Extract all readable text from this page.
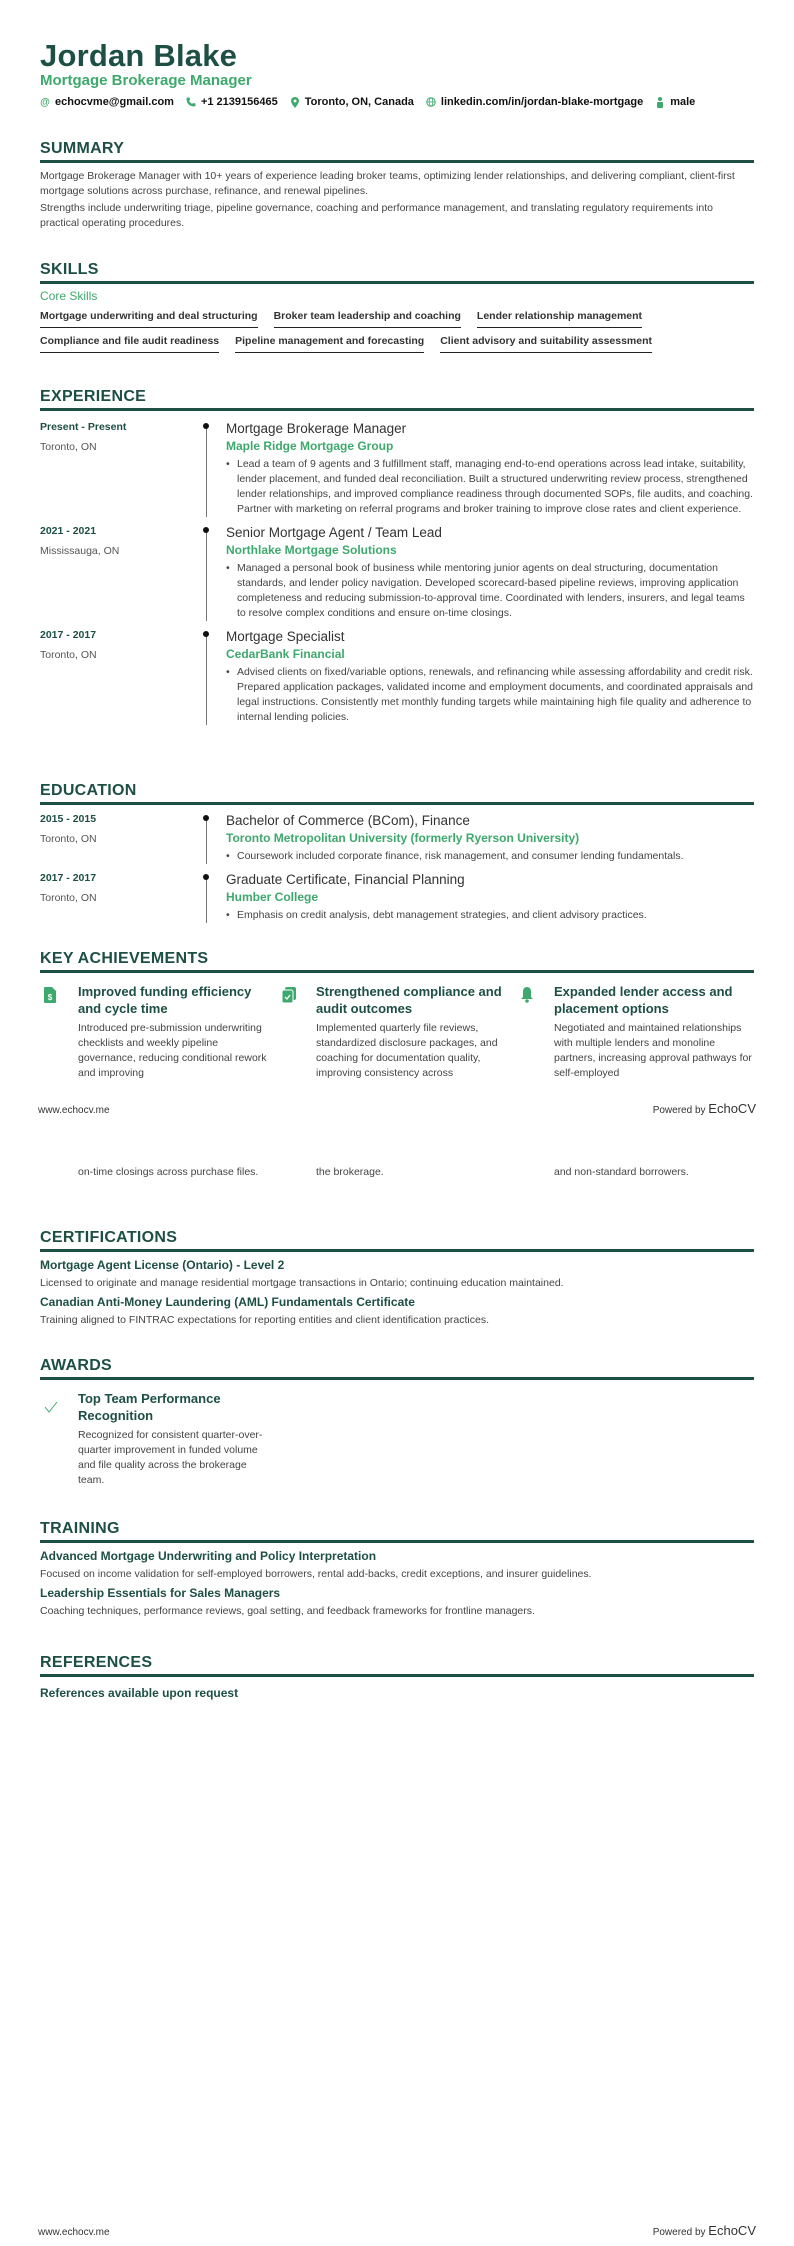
Jordan Blake
Mortgage Brokerage Manager
@ echocvme@gmail.com +1 2139156465 Toronto, ON, Canada linkedin.com/in/jordan-blake-mortgage male
SUMMARY
Mortgage Brokerage Manager with 10+ years of experience leading broker teams, optimizing lender relationships, and delivering compliant, client-first mortgage solutions across purchase, refinance, and renewal pipelines.
Strengths include underwriting triage, pipeline governance, coaching and performance management, and translating regulatory requirements into practical operating procedures.
SKILLS
Core Skills
Mortgage underwriting and deal structuring Broker team leadership and coaching Lender relationship management
Compliance and file audit readiness Pipeline management and forecasting Client advisory and suitability assessment
EXPERIENCE
Present - Present
Toronto, ON
Mortgage Brokerage Manager
Maple Ridge Mortgage Group
• Lead a team of 9 agents and 3 fulfillment staff, managing end-to-end operations across lead intake, suitability, lender placement, and funded deal reconciliation. Built a structured underwriting review process, strengthened lender relationships, and improved compliance readiness through documented SOPs, file audits, and coaching. Partner with marketing on referral programs and broker training to improve close rates and client experience.
2021 - 2021
Mississauga, ON
Senior Mortgage Agent / Team Lead
Northlake Mortgage Solutions
• Managed a personal book of business while mentoring junior agents on deal structuring, documentation standards, and lender policy navigation. Developed scorecard-based pipeline reviews, improving application completeness and reducing submission-to-approval time. Coordinated with lenders, insurers, and legal teams to resolve complex conditions and ensure on-time closings.
2017 - 2017
Toronto, ON
Mortgage Specialist
CedarBank Financial
• Advised clients on fixed/variable options, renewals, and refinancing while assessing affordability and credit risk. Prepared application packages, validated income and employment documents, and coordinated appraisals and legal instructions. Consistently met monthly funding targets while maintaining high file quality and adherence to internal lending policies.
EDUCATION
2015 - 2015
Toronto, ON
Bachelor of Commerce (BCom), Finance
Toronto Metropolitan University (formerly Ryerson University)
• Coursework included corporate finance, risk management, and consumer lending fundamentals.
2017 - 2017
Toronto, ON
Graduate Certificate, Financial Planning
Humber College
• Emphasis on credit analysis, debt management strategies, and client advisory practices.
KEY ACHIEVEMENTS
$ Improved funding efficiency and cycle time
Introduced pre-submission underwriting checklists and weekly pipeline governance, reducing conditional rework and improving
Strengthened compliance and audit outcomes
Implemented quarterly file reviews, standardized disclosure packages, and coaching for documentation quality, improving consistency across
Expanded lender access and placement options
Negotiated and maintained relationships with multiple lenders and monoline partners, increasing approval pathways for self-employed
www.echocv.me	Powered by EchoCV
on-time closings across purchase files.	the brokerage.	and non-standard borrowers.
CERTIFICATIONS
Mortgage Agent License (Ontario) - Level 2
Licensed to originate and manage residential mortgage transactions in Ontario; continuing education maintained.
Canadian Anti-Money Laundering (AML) Fundamentals Certificate
Training aligned to FINTRAC expectations for reporting entities and client identification practices.
AWARDS
Top Team Performance Recognition
Recognized for consistent quarter-over-quarter improvement in funded volume and file quality across the brokerage team.
TRAINING
Advanced Mortgage Underwriting and Policy Interpretation
Focused on income validation for self-employed borrowers, rental add-backs, credit exceptions, and insurer guidelines.
Leadership Essentials for Sales Managers
Coaching techniques, performance reviews, goal setting, and feedback frameworks for frontline managers.
REFERENCES
References available upon request
www.echocv.me	Powered by EchoCV
